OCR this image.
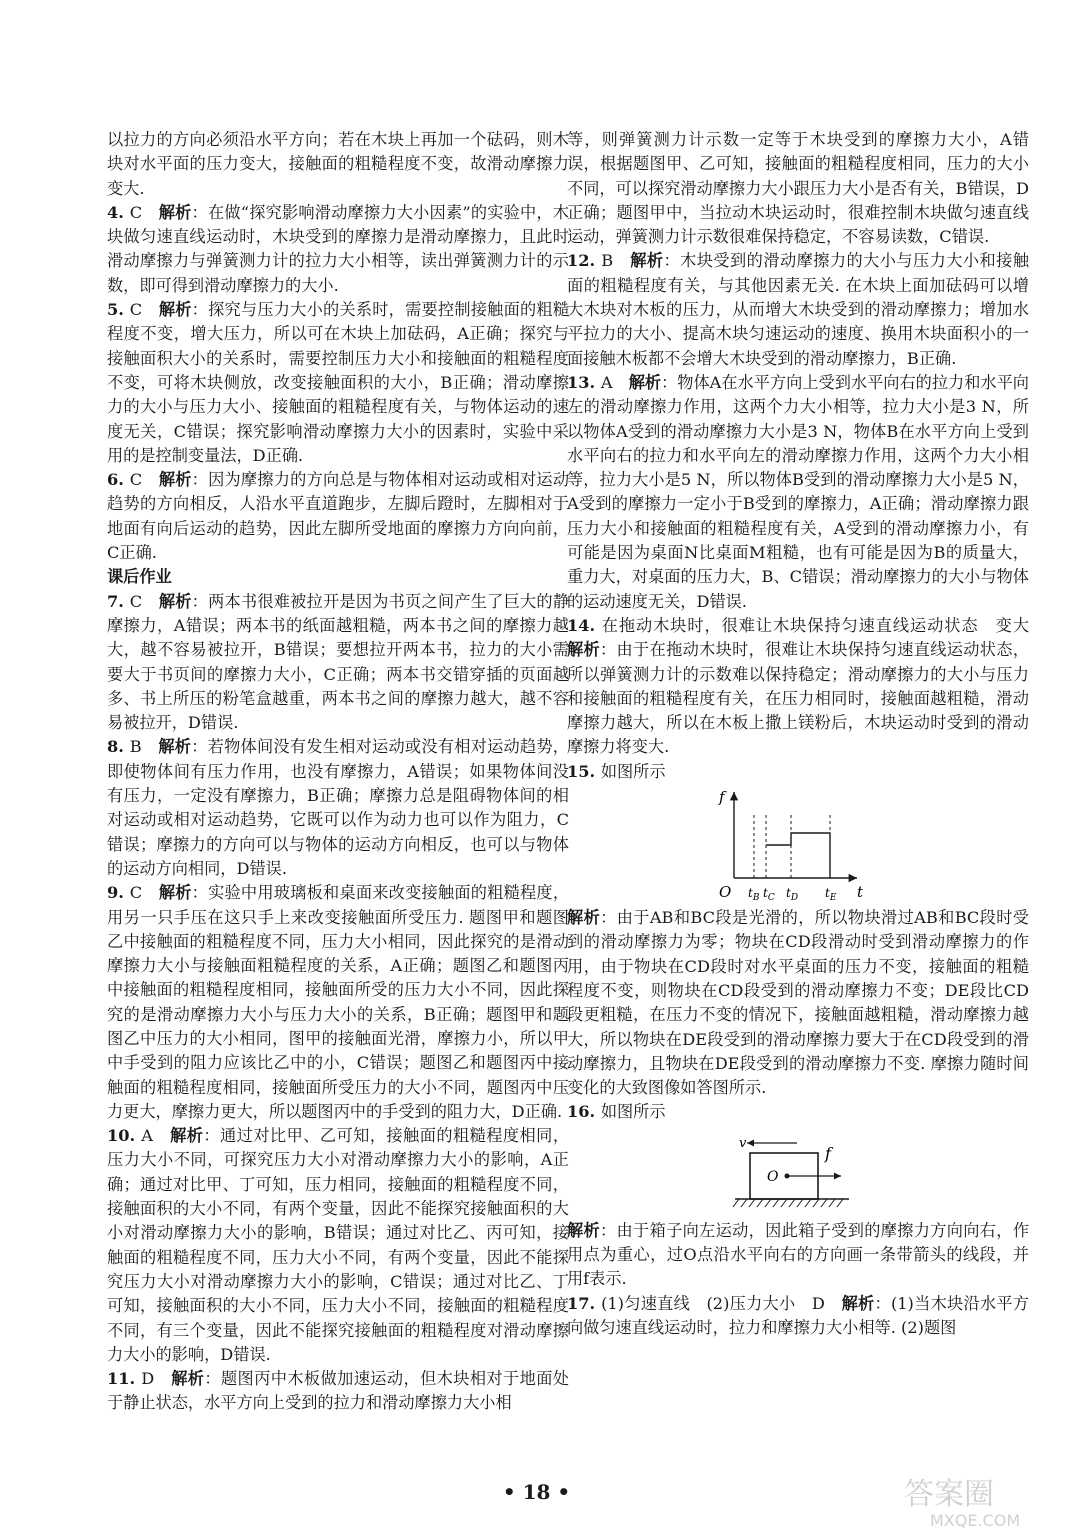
以拉力的方向必须沿水平方向；若在木块上再加一个砝码，则木块对水平面的压力变大，接触面的粗糙程度不变，故滑动摩擦力变大.

4. C　解析：在做“探究影响滑动摩擦力大小因素”的实验中，木块做匀速直线运动时，木块受到的摩擦力是滑动摩擦力，且此时滑动摩擦力与弹簧测力计的拉力大小相等，读出弹簧测力计的示数，即可得到滑动摩擦力的大小.

5. C　解析：探究与压力大小的关系时，需要控制接触面的粗糙程度不变，增大压力，所以可在木块上加砝码，A正确；探究与接触面积大小的关系时，需要控制压力大小和接触面的粗糙程度不变，可将木块侧放，改变接触面积的大小，B正确；滑动摩擦力的大小与压力大小、接触面的粗糙程度有关，与物体运动的速度无关，C错误；探究影响滑动摩擦力大小的因素时，实验中采用的是控制变量法，D正确.

6. C　解析：因为摩擦力的方向总是与物体相对运动或相对运动趋势的方向相反，人沿水平直道跑步，左脚后蹬时，左脚相对于地面有向后运动的趋势，因此左脚所受地面的摩擦力方向向前，C正确.

课后作业

7. C　解析：两本书很难被拉开是因为书页之间产生了巨大的静摩擦力，A错误；两本书的纸面越粗糙，两本书之间的摩擦力越大，越不容易被拉开，B错误；要想拉开两本书，拉力的大小需要大于书页间的摩擦力大小，C正确；两本书交错穿插的页面越多、书上所压的粉笔盒越重，两本书之间的摩擦力越大，越不容易被拉开，D错误.

8. B　解析：若物体间没有发生相对运动或没有相对运动趋势，即使物体间有压力作用，也没有摩擦力，A错误；如果物体间没有压力，一定没有摩擦力，B正确；摩擦力总是阻碍物体间的相对运动或相对运动趋势，它既可以作为动力也可以作为阻力，C错误；摩擦力的方向可以与物体的运动方向相反，也可以与物体的运动方向相同，D错误.

9. C　解析：实验中用玻璃板和桌面来改变接触面的粗糙程度，用另一只手压在这只手上来改变接触面所受压力. 题图甲和题图乙中接触面的粗糙程度不同，压力大小相同，因此探究的是滑动摩擦力大小与接触面粗糙程度的关系，A正确；题图乙和题图丙中接触面的粗糙程度相同，接触面所受的压力大小不同，因此探究的是滑动摩擦力大小与压力大小的关系，B正确；题图甲和题图乙中压力的大小相同，图甲的接触面光滑，摩擦力小，所以甲中手受到的阻力应该比乙中的小，C错误；题图乙和题图丙中接触面的粗糙程度相同，接触面所受压力的大小不同，题图丙中压力更大，摩擦力更大，所以题图丙中的手受到的阻力大，D正确.

10. A　解析：通过对比甲、乙可知，接触面的粗糙程度相同，压力大小不同，可探究压力大小对滑动摩擦力大小的影响，A正确；通过对比甲、丁可知，压力相同，接触面的粗糙程度不同，接触面积的大小不同，有两个变量，因此不能探究接触面积的大小对滑动摩擦力大小的影响，B错误；通过对比乙、丙可知，接触面的粗糙程度不同，压力大小不同，有两个变量，因此不能探究压力大小对滑动摩擦力大小的影响，C错误；通过对比乙、丁可知，接触面积的大小不同，压力大小不同，接触面的粗糙程度不同，有三个变量，因此不能探究接触面的粗糙程度对滑动摩擦力大小的影响，D错误.

11. D　解析：题图丙中木板做加速运动，但木块相对于地面处于静止状态，水平方向上受到的拉力和滑动摩擦力大小相

等，则弹簧测力计示数一定等于木块受到的摩擦力大小，A错误，根据题图甲、乙可知，接触面的粗糙程度相同，压力的大小不同，可以探究滑动摩擦力大小跟压力大小是否有关，B错误，D正确；题图甲中，当拉动木块运动时，很难控制木块做匀速直线运动，弹簧测力计示数很难保持稳定，不容易读数，C错误.

12. B　解析：木块受到的滑动摩擦力的大小与压力大小和接触面的粗糙程度有关，与其他因素无关. 在木块上面加砝码可以增大木块对木板的压力，从而增大木块受到的滑动摩擦力；增加水平拉力的大小、提高木块匀速运动的速度、换用木块面积小的一面接触木板都不会增大木块受到的滑动摩擦力，B正确.

13. A　解析：物体A在水平方向上受到水平向右的拉力和水平向左的滑动摩擦力作用，这两个力大小相等，拉力大小是3 N，所以物体A受到的滑动摩擦力大小是3 N，物体B在水平方向上受到水平向右的拉力和水平向左的滑动摩擦力作用，这两个力大小相等，拉力大小是5 N，所以物体B受到的滑动摩擦力大小是5 N，A受到的摩擦力一定小于B受到的摩擦力，A正确；滑动摩擦力跟压力大小和接触面的粗糙程度有关，A受到的滑动摩擦力小，有可能是因为桌面N比桌面M粗糙，也有可能是因为B的质量大，重力大，对桌面的压力大，B、C错误；滑动摩擦力的大小与物体的运动速度无关，D错误.

14. 在拖动木块时，很难让木块保持匀速直线运动状态　变大　解析：由于在拖动木块时，很难让木块保持匀速直线运动状态，所以弹簧测力计的示数难以保持稳定；滑动摩擦力的大小与压力和接触面的粗糙程度有关，在压力相同时，接触面越粗糙，滑动摩擦力越大，所以在木板上撒上镁粉后，木块运动时受到的滑动摩擦力将变大.

15. 如图所示　

f
t
O $t_B$ $t_C$ $t_D$ $t_E$

解析：由于AB和BC段是光滑的，所以物块滑过AB和BC段时受到的滑动摩擦力为零；物块在CD段滑动时受到滑动摩擦力的作用，由于物块在CD段时对水平桌面的压力不变，接触面的粗糙程度不变，则物块在CD段受到的滑动摩擦力不变；DE段比CD段更粗糙，在压力不变的情况下，接触面越粗糙，滑动摩擦力越大，所以物块在DE段受到的滑动摩擦力要大于在CD段受到的滑动摩擦力，且物块在DE段受到的滑动摩擦力不变. 摩擦力随时间变化的大致图像如答图所示.

16. 如图所示　

v
O
f

解析：由于箱子向左运动，因此箱子受到的摩擦力方向向右，作用点为重心，过O点沿水平向右的方向画一条带箭头的线段，并用f表示.

17. (1)匀速直线　(2)压力大小　D　解析：(1)当木块沿水平方向做匀速直线运动时，拉力和摩擦力大小相等. (2)题图

• 18 •	答案圈
MXQE.COM
